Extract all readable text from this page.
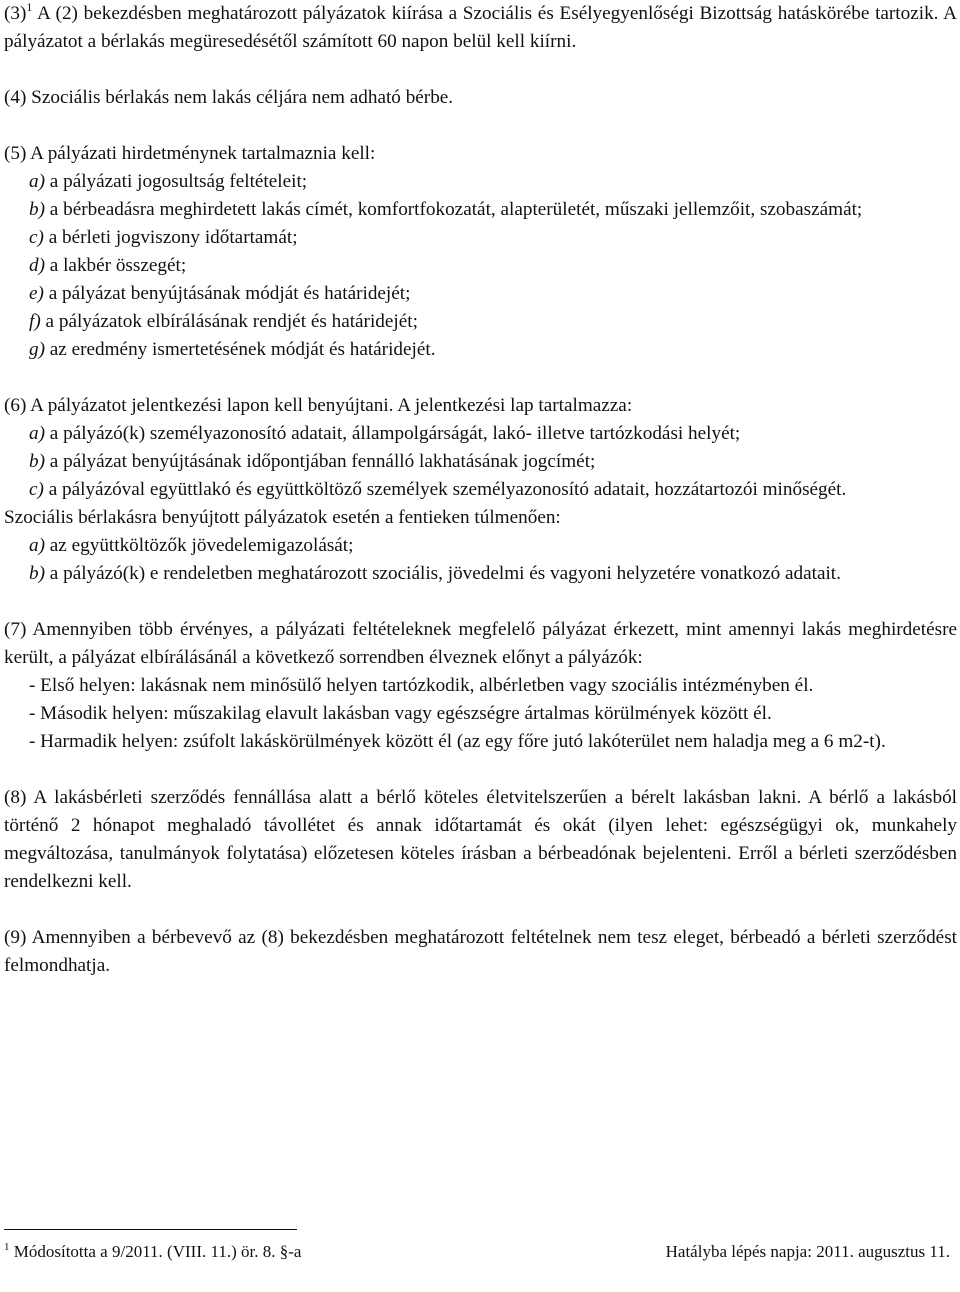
$(3)^1$ A (2) bekezdésben meghatározott pályázatok kiírása a Szociális és Esélyegyenlőségi Bizottság hatáskörébe tartozik. A pályázatot a bérlakás megüresedésétől számított 60 napon belül kell kiírni.

(4) Szociális bérlakás nem lakás céljára nem adható bérbe.

(5) A pályázati hirdetménynek tartalmaznia kell:

a) a pályázati jogosultság feltételeit;

b) a bérbeadásra meghirdetett lakás címét, komfortfokozatát, alapterületét, műszaki jellemzőit, szobaszámát;

c) a bérleti jogviszony időtartamát;

d) a lakbér összegét;

e) a pályázat benyújtásának módját és határidejét;

f) a pályázatok elbírálásának rendjét és határidejét;

g) az eredmény ismertetésének módját és határidejét.

(6) A pályázatot jelentkezési lapon kell benyújtani. A jelentkezési lap tartalmazza:

a) a pályázó(k) személyazonosító adatait, állampolgárságát, lakó- illetve tartózkodási helyét;

b) a pályázat benyújtásának időpontjában fennálló lakhatásának jogcímét;

c) a pályázóval együttlakó és együttköltöző személyek személyazonosító adatait, hozzátartozói minőségét.

Szociális bérlakásra benyújtott pályázatok esetén a fentieken túlmenően:

a) az együttköltözők jövedelemigazolását;

b) a pályázó(k) e rendeletben meghatározott szociális, jövedelmi és vagyoni helyzetére vonatkozó adatait.

(7) Amennyiben több érvényes, a pályázati feltételeknek megfelelő pályázat érkezett, mint amennyi lakás meghirdetésre került, a pályázat elbírálásánál a következő sorrendben élveznek előnyt a pályázók:

- Első helyen: lakásnak nem minősülő helyen tartózkodik, albérletben vagy szociális intézményben él.

- Második helyen: műszakilag elavult lakásban vagy egészségre ártalmas körülmények között él.

- Harmadik helyen: zsúfolt lakáskörülmények között él (az egy főre jutó lakóterület nem haladja meg a 6 m2-t).

(8) A lakásbérleti szerződés fennállása alatt a bérlő köteles életvitelszerűen a bérelt lakásban lakni. A bérlő a lakásból történő 2 hónapot meghaladó távollétet és annak időtartamát és okát (ilyen lehet: egészségügyi ok, munkahely megváltozása, tanulmányok folytatása) előzetesen köteles írásban a bérbeadónak bejelenteni. Erről a bérleti szerződésben rendelkezni kell.

(9) Amennyiben a bérbevevő az (8) bekezdésben meghatározott feltételnek nem tesz eleget, bérbeadó a bérleti szerződést felmondhatja.

$^1$ Módosította a 9/2011. (VIII. 11.) ör. 8. §-a	Hatályba lépés napja: 2011. augusztus 11.
